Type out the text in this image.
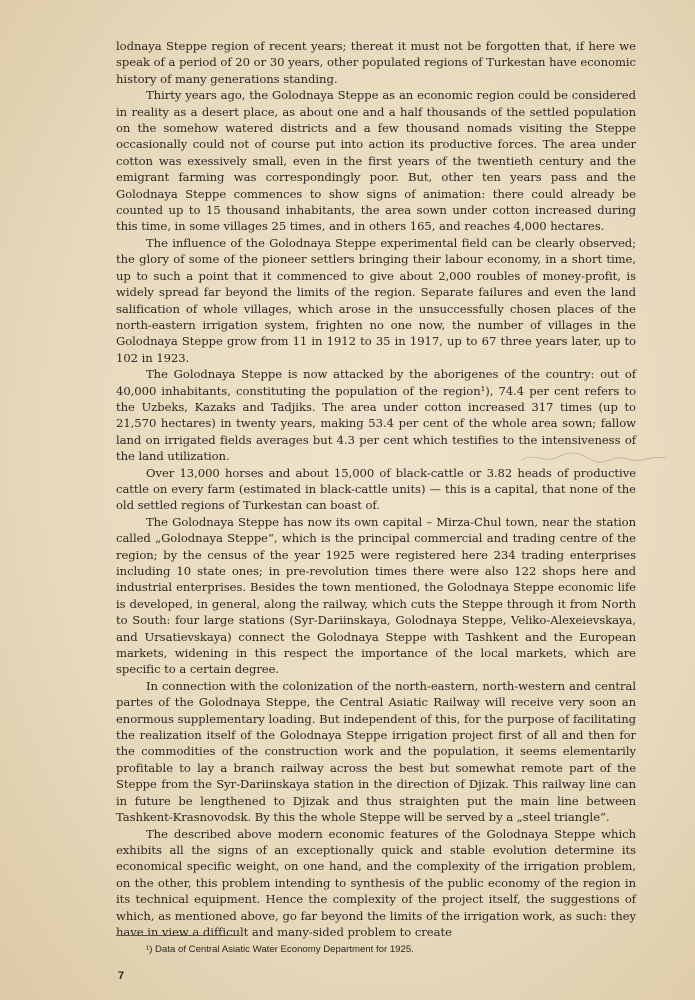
lodnaya Steppe region of recent years; thereat it must not be forgotten that, if here we speak of a period of 20 or 30 years, other populated regions of Turkestan have economic history of many generations standing.

Thirty years ago, the Golodnaya Steppe as an economic region could be considered in reality as a desert place, as about one and a half thousands of the settled population on the somehow watered districts and a few thousand nomads visiting the Steppe occasionally could not of course put into action its productive forces. The area under cotton was exessively small, even in the first years of the twentieth century and the emigrant farming was correspondingly poor. But, other ten years pass and the Golodnaya Steppe commences to show signs of animation: there could already be counted up to 15 thousand inhabitants, the area sown under cotton increased during this time, in some villages 25 times, and in others 165, and reaches 4,000 hectares.

The influence of the Golodnaya Steppe experimental field can be clearly observed; the glory of some of the pioneer settlers bringing their labour economy, in a short time, up to such a point that it commenced to give about 2,000 roubles of money-profit, is widely spread far beyond the limits of the region. Separate failures and even the land salification of whole villages, which arose in the unsuccessfully chosen places of the north-eastern irrigation system, frighten no one now, the number of villages in the Golodnaya Steppe grow from 11 in 1912 to 35 in 1917, up to 67 three years later, up to 102 in 1923.

The Golodnaya Steppe is now attacked by the aborigenes of the country: out of 40,000 inhabitants, constituting the population of the region¹), 74.4 per cent refers to the Uzbeks, Kazaks and Tadjiks. The area under cotton increased 317 times (up to 21,570 hectares) in twenty years, making 53.4 per cent of the whole area sown; fallow land on irrigated fields averages but 4.3 per cent which testifies to the intensiveness of the land utilization.

Over 13,000 horses and about 15,000 of black-cattle or 3.82 heads of productive cattle on every farm (estimated in black-cattle units) — this is a capital, that none of the old settled regions of Turkestan can boast of.

The Golodnaya Steppe has now its own capital – Mirza-Chul town, near the station called „Golodnaya Steppe“, which is the principal commercial and trading centre of the region; by the census of the year 1925 were registered here 234 trading enterprises including 10 state ones; in pre-revolution times there were also 122 shops here and industrial enterprises. Besides the town mentioned, the Golodnaya Steppe economic life is developed, in general, along the railway, which cuts the Steppe through it from North to South: four large stations (Syr-Dariinskaya, Golodnaya Steppe, Veliko-Alexeievskaya, and Ursatievskaya) connect the Golodnaya Steppe with Tashkent and the European markets, widening in this respect the importance of the local markets, which are specific to a certain degree.

In connection with the colonization of the north-eastern, north-western and central partes of the Golodnaya Steppe, the Central Asiatic Railway will receive very soon an enormous supplementary loading. But independent of this, for the purpose of facilitating the realization itself of the Golodnaya Steppe irrigation project first of all and then for the commodities of the construction work and the population, it seems elementarily profitable to lay a branch railway across the best but somewhat remote part of the Steppe from the Syr-Dariinskaya station in the direction of Djizak. This railway line can in future be lengthened to Djizak and thus straighten put the main line between Tashkent-Krasnovodsk. By this the whole Steppe will be served by a „steel triangle“.

The described above modern economic features of the Golodnaya Steppe which exhibits all the signs of an exceptionally quick and stable evolution determine its economical specific weight, on one hand, and the complexity of the irrigation problem, on the other, this problem intending to synthesis of the public economy of the region in its technical equipment. Hence the complexity of the project itself, the suggestions of which, as mentioned above, go far beyond the limits of the irrigation work, as such: they have in view a difficult and many-sided problem to create

¹) Data of Central Asiatic Water Economy Department for 1925.
7
